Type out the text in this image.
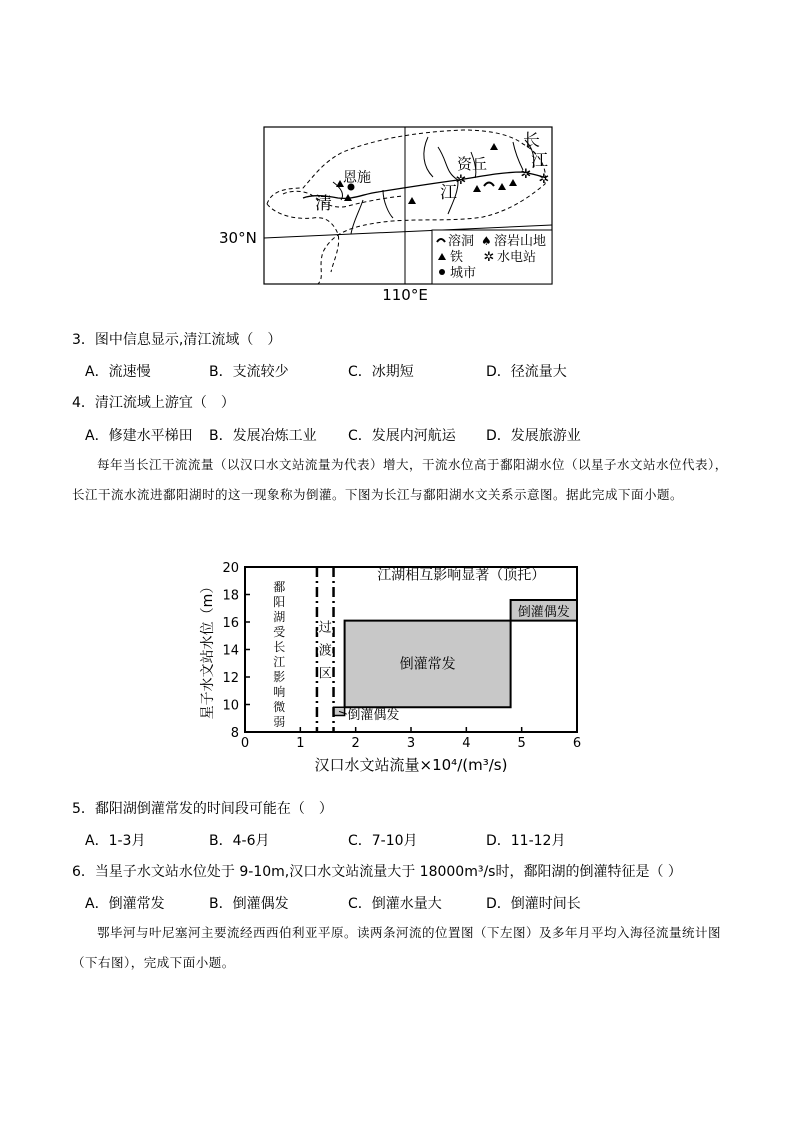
✲	✲ ✲
恩施
资丘
清
江
长
江
溶洞 ♠ 溶岩山地
铁 ✲ 水电站
城市
30°N
110°E
3．图中信息显示,清江流域（　）
A．流速慢	B．支流较少	C．冰期短	D．径流量大
4．清江流域上游宜（　）
A．修建水平梯田 B．发展冶炼工业 C．发展内河航运 D．发展旅游业
每年当长江干流流量（以汉口水文站流量为代表）增大，干流水位高于鄱阳湖水位（以星子水文站水位代表），长江干流水流进鄱阳湖时的这一现象称为倒灌。下图为长江与鄱阳湖水文关系示意图。据此完成下面小题。
江湖相互影响显著（顶托）
倒灌常发
倒灌偶发
倒灌偶发
鄱
阳
湖
受
长
江
影
响
微
弱
过
渡
区
0	1	2	3	4	5	6
8
10
12
14
16
18
20
汉口水文站流量×10⁴/(m³/s)
星子水文站水位（m）
5．鄱阳湖倒灌常发的时间段可能在（　）
A．1-3月	B．4-6月	C．7-10月	D．11-12月
6．当星子水文站水位处于 9-10m,汉口水文站流量大于 18000m³/s时，鄱阳湖的倒灌特征是（ ）
A．倒灌常发	B．倒灌偶发	C．倒灌水量大	D．倒灌时间长
鄂毕河与叶尼塞河主要流经西西伯利亚平原。读两条河流的位置图（下左图）及多年月平均入海径流量统计图（下右图），完成下面小题。
